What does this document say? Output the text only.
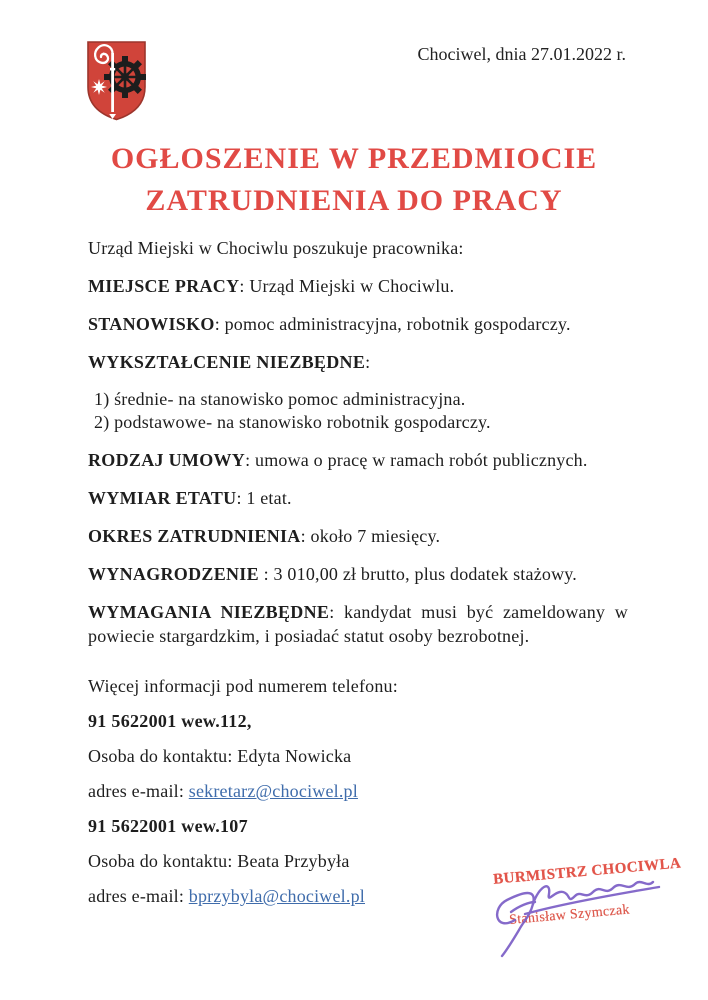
Chociwel, dnia 27.01.2022 r.
OGŁOSZENIE W PRZEDMIOCIE
ZATRUDNIENIA DO PRACY

Urząd Miejski w Chociwlu poszukuje pracownika:

MIEJSCE PRACY: Urząd Miejski w Chociwlu.

STANOWISKO: pomoc administracyjna, robotnik gospodarczy.

WYKSZTAŁCENIE NIEZBĘDNE:

1) średnie- na stanowisko pomoc administracyjna.
2) podstawowe- na stanowisko robotnik gospodarczy.

RODZAJ UMOWY: umowa o pracę w ramach robót publicznych.

WYMIAR ETATU: 1 etat.

OKRES ZATRUDNIENIA: około 7 miesięcy.

WYNAGRODZENIE : 3 010,00 zł brutto, plus dodatek stażowy.

WYMAGANIA NIEZBĘDNE: kandydat musi być zameldowany w powiecie stargardzkim, i posiadać statut osoby bezrobotnej.

Więcej informacji pod numerem telefonu:

91 5622001 wew.112,

Osoba do kontaktu: Edyta Nowicka

adres e-mail: sekretarz@chociwel.pl

91 5622001 wew.107

Osoba do kontaktu: Beata Przybyła

adres e-mail: bprzybyla@chociwel.pl

BURMISTRZ CHOCIWLA
Stanisław Szymczak
